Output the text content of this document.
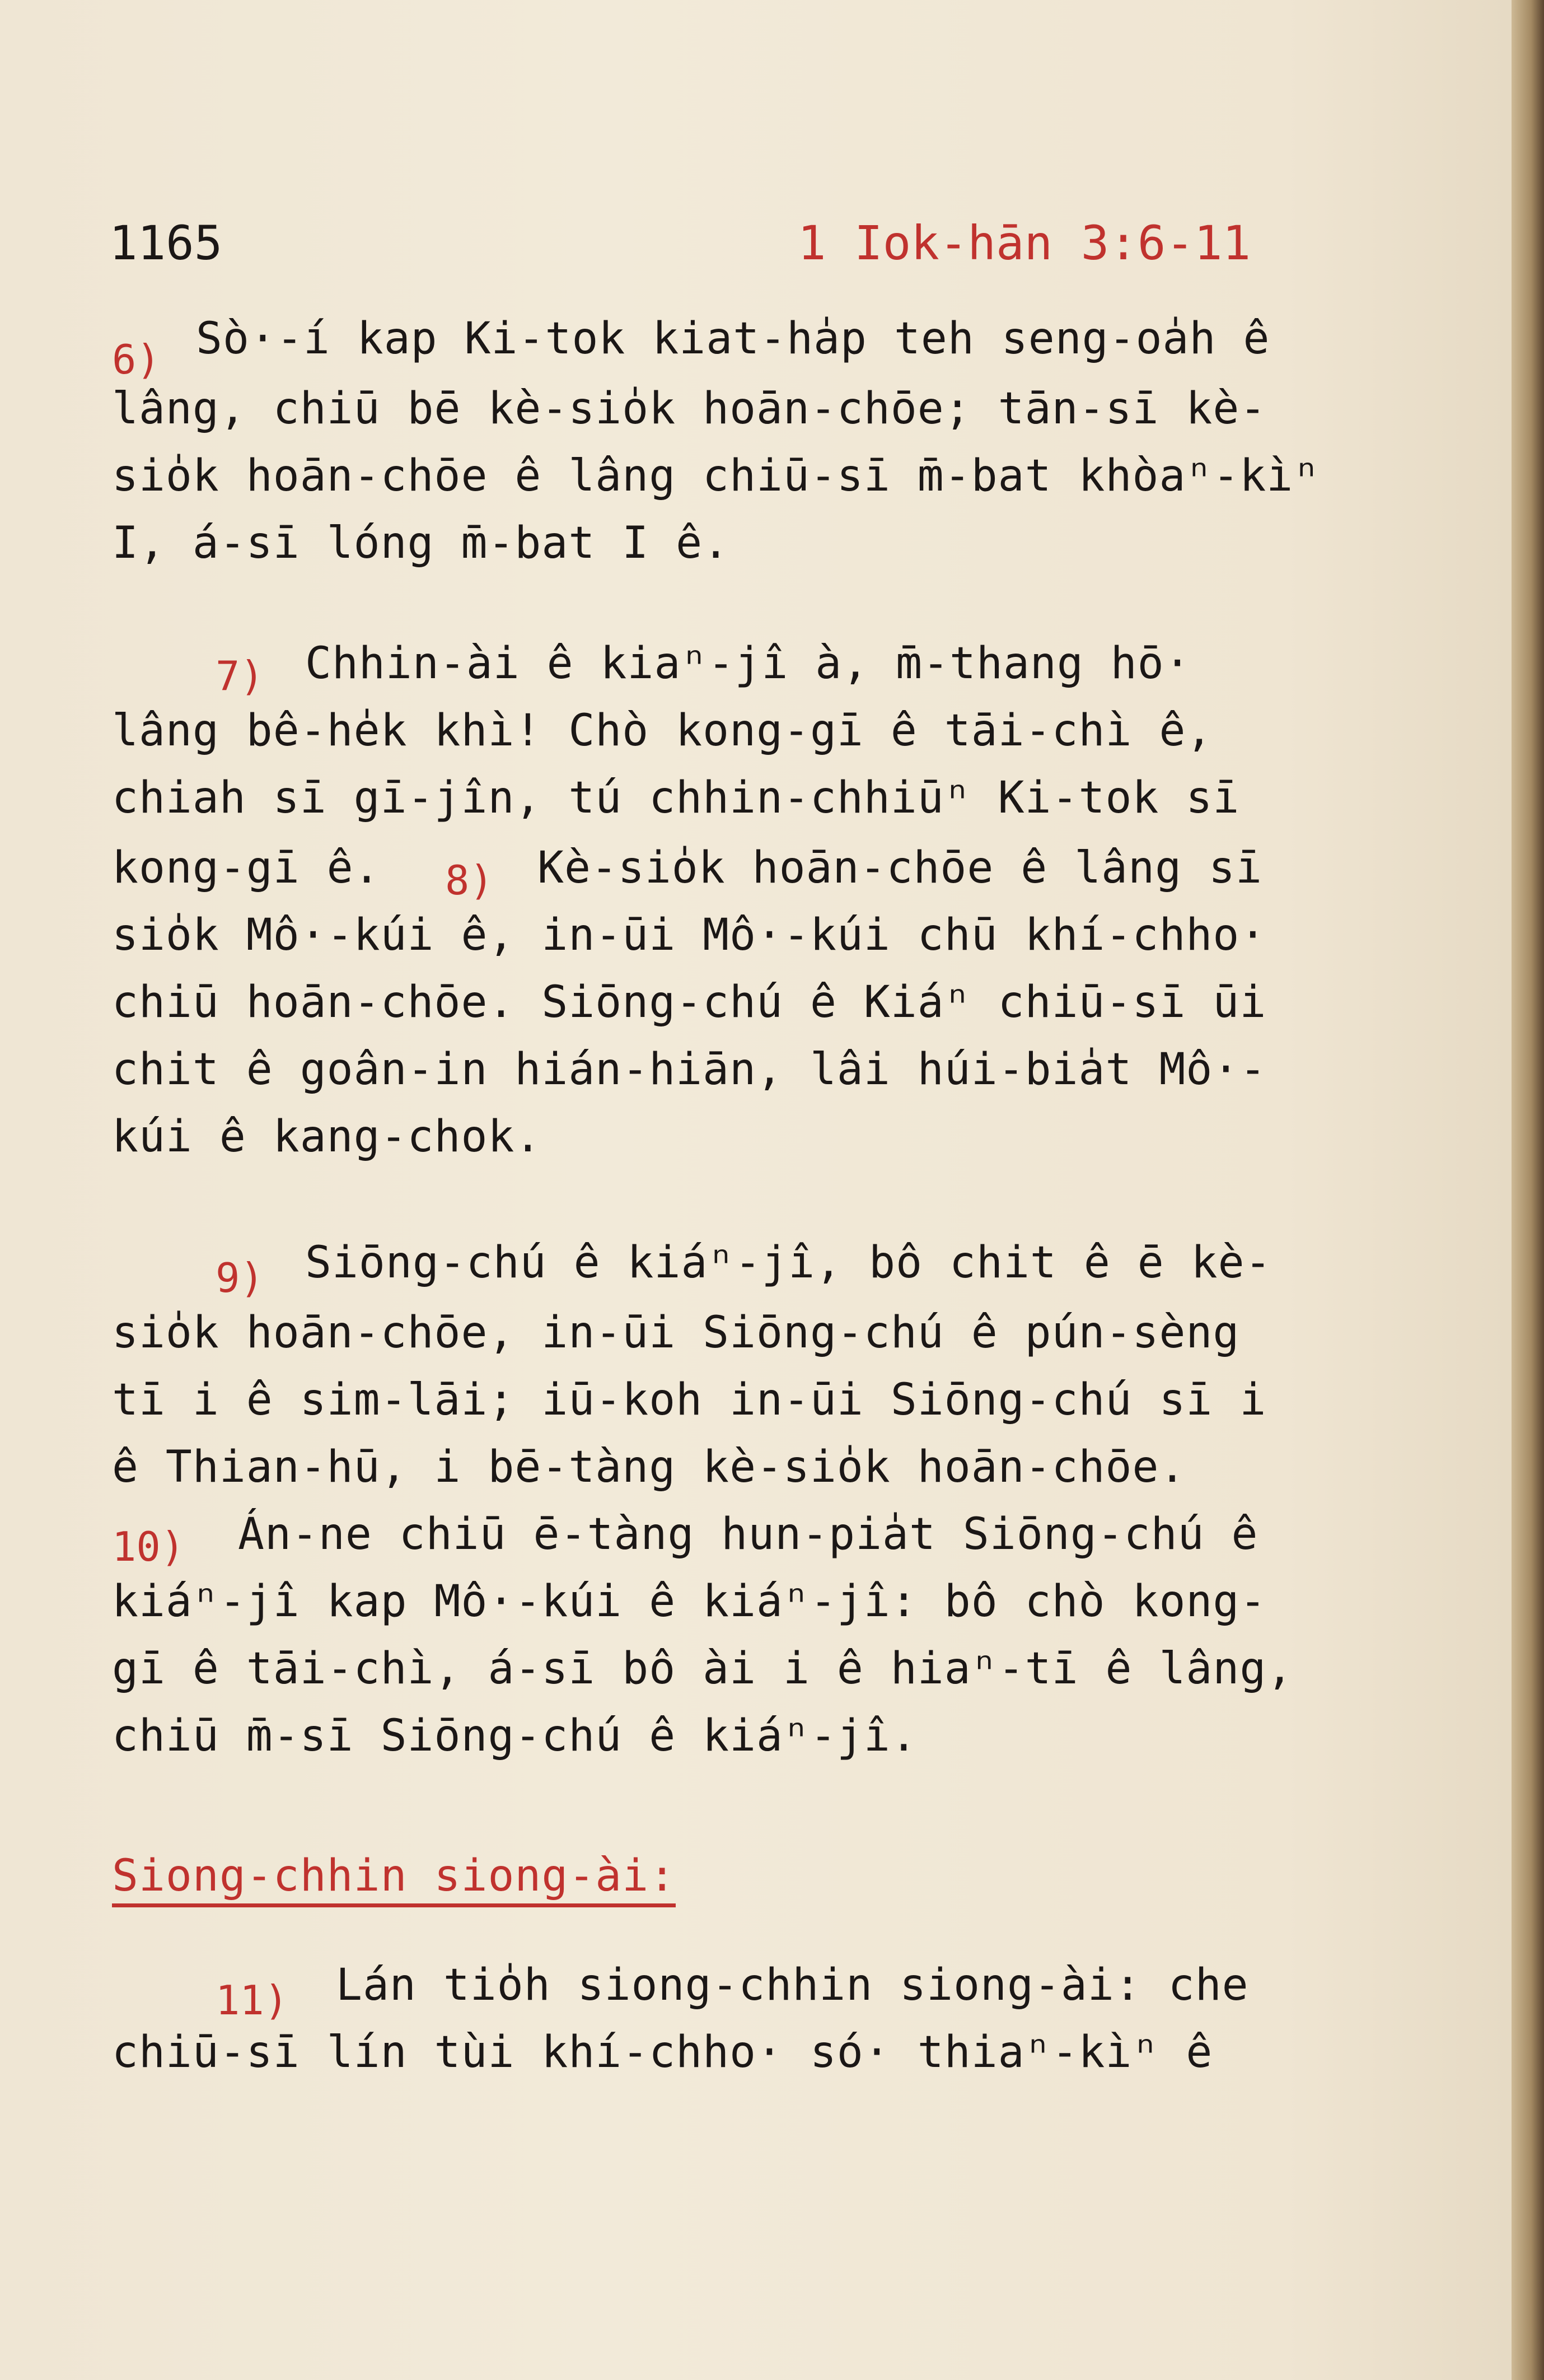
1165	1 Iok-hān 3:6-11
6) Sò·-í kap Ki-tok kiat-ha̍p teh seng-oa̍h ê
lâng, chiū bē kè-sio̍k hoān-chōe; tān-sī kè-
sio̍k hoān-chōe ê lâng chiū-sī m̄-bat khòaⁿ-kìⁿ
I, á-sī lóng m̄-bat I ê.
7) Chhin-ài ê kiaⁿ-jî à, m̄-thang hō·
lâng bê-he̍k khì! Chò kong-gī ê tāi-chì ê,
chiah sī gī-jîn, tú chhin-chhiūⁿ Ki-tok sī
kong-gī ê. 8) Kè-sio̍k hoān-chōe ê lâng sī
sio̍k Mô·-kúi ê, in-ūi Mô·-kúi chū khí-chho·
chiū hoān-chōe. Siōng-chú ê Kiáⁿ chiū-sī ūi
chit ê goân-in hián-hiān, lâi húi-bia̍t Mô·-
kúi ê kang-chok.
9) Siōng-chú ê kiáⁿ-jî, bô chit ê ē kè-
sio̍k hoān-chōe, in-ūi Siōng-chú ê pún-sèng
tī i ê sim-lāi; iū-koh in-ūi Siōng-chú sī i
ê Thian-hū, i bē-tàng kè-sio̍k hoān-chōe.
10) Án-ne chiū ē-tàng hun-pia̍t Siōng-chú ê
kiáⁿ-jî kap Mô·-kúi ê kiáⁿ-jî: bô chò kong-
gī ê tāi-chì, á-sī bô ài i ê hiaⁿ-tī ê lâng,
chiū m̄-sī Siōng-chú ê kiáⁿ-jî.
Siong-chhin siong-ài:
11) Lán tio̍h siong-chhin siong-ài: che
chiū-sī lín tùi khí-chho· só· thiaⁿ-kìⁿ ê
